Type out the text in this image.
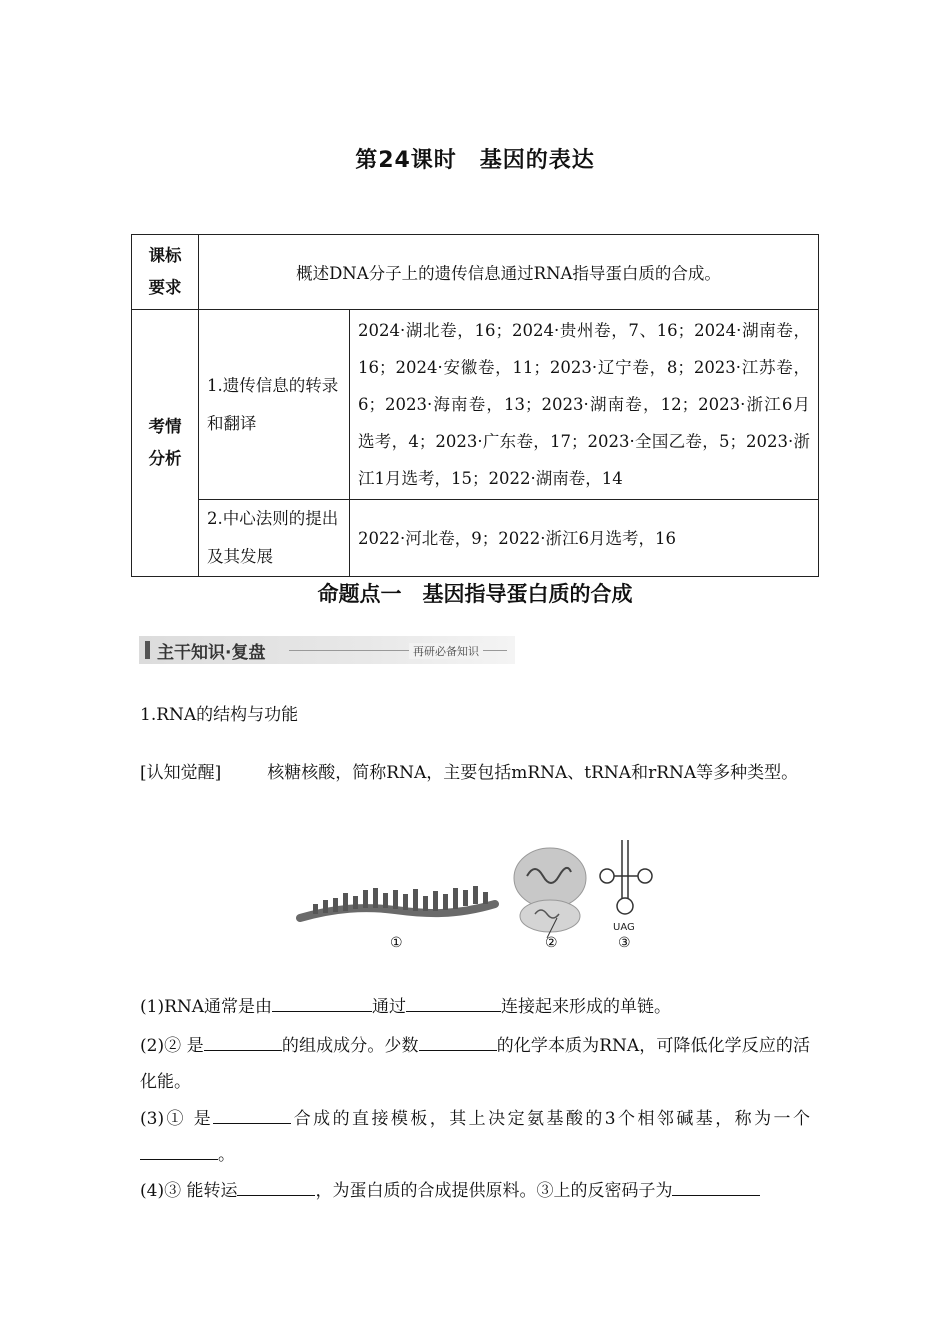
第24课时　基因的表达
课标
要求	概述DNA分子上的遗传信息通过RNA指导蛋白质的合成。	

考情
分析	1.遗传信息的转录和翻译	2024·湖北卷，16；2024·贵州卷，7、16；2024·湖南卷，16；2024·安徽卷，11；2023·辽宁卷，8；2023·江苏卷，6；2023·海南卷，13；2023·湖南卷，12；2023·浙江6月选考，4；2023·广东卷，17；2023·全国乙卷，5；2023·浙江1月选考，15；2022·湖南卷，14
	2.中心法则的提出及其发展	2022·河北卷，9；2022·浙江6月选考，16
命题点一　基因指导蛋白质的合成
主干知识·复盘	再研必备知识
1.RNA的结构与功能
[认知觉醒]	核糖核酸，简称RNA，主要包括mRNA、tRNA和rRNA等多种类型。
UAG
①	②	③
(1)RNA通常是由	通过	连接起来形成的单链。
(2)② 是	的组成成分。少数	的化学本质为RNA，可降低化学反应的活化能。
(3)① 是	合成的直接模板，其上决定氨基酸的3个相邻碱基，称为一个。
(4)③ 能转运	，为蛋白质的合成提供原料。③上的反密码子为
